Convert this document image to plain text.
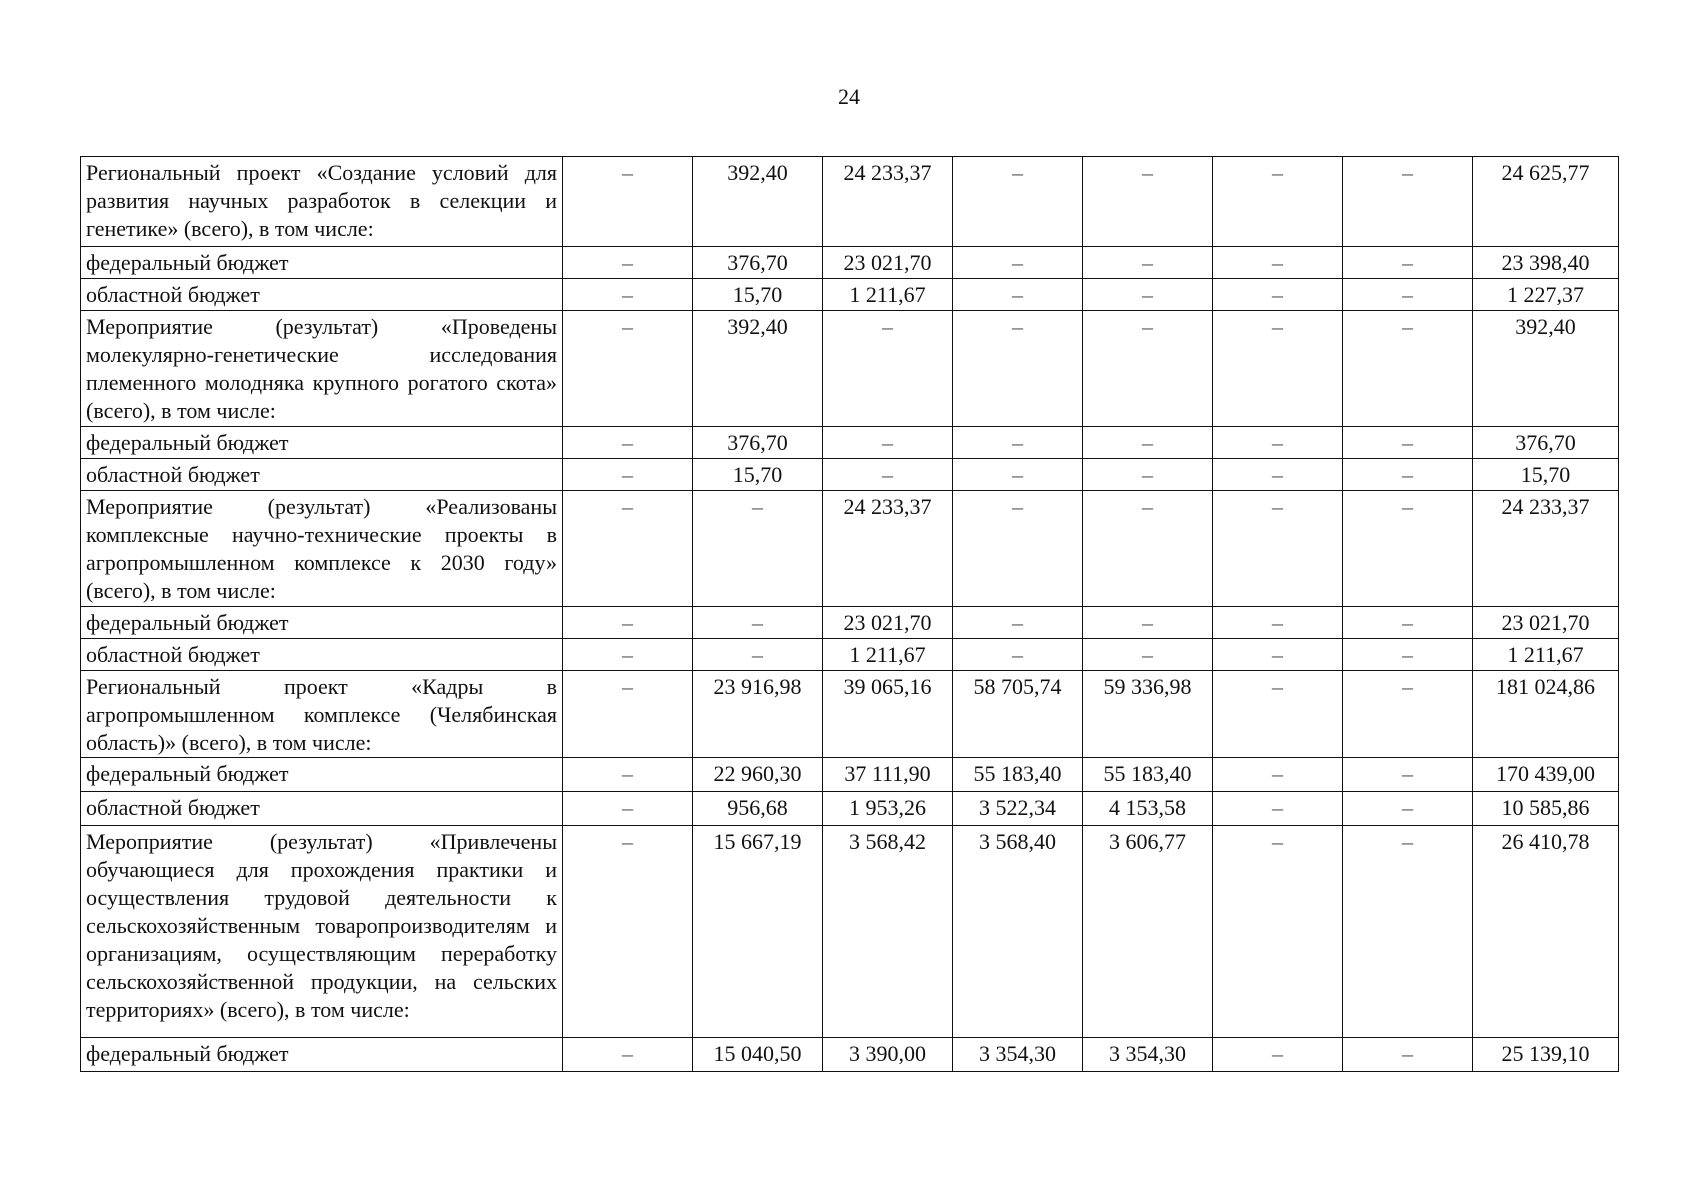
24
Региональный проект «Создание условий для развития научных разработок в селекции и генетике» (всего), в том числе:	–	392,40	24 233,37	–	–	–	–	24 625,77
федеральный бюджет	–	376,70	23 021,70	–	–	–	–	23 398,40
областной бюджет	–	15,70	1 211,67	–	–	–	–	1 227,37
Мероприятие (результат) «Проведены молекулярно-генетические исследования племенного молодняка крупного рогатого скота» (всего), в том числе:	–	392,40	–	–	–	–	–	392,40
федеральный бюджет	–	376,70	–	–	–	–	–	376,70
областной бюджет	–	15,70	–	–	–	–	–	15,70
Мероприятие (результат) «Реализованы комплексные научно-технические проекты в агропромышленном комплексе к 2030 году» (всего), в том числе:	–	–	24 233,37	–	–	–	–	24 233,37
федеральный бюджет	–	–	23 021,70	–	–	–	–	23 021,70
областной бюджет	–	–	1 211,67	–	–	–	–	1 211,67
Региональный проект «Кадры в агропромышленном комплексе (Челябинская область)» (всего), в том числе:	–	23 916,98	39 065,16	58 705,74	59 336,98	–	–	181 024,86
федеральный бюджет	–	22 960,30	37 111,90	55 183,40	55 183,40	–	–	170 439,00
областной бюджет	–	956,68	1 953,26	3 522,34	4 153,58	–	–	10 585,86
Мероприятие (результат) «Привлечены обучающиеся для прохождения практики и осуществления трудовой деятельности к сельскохозяйственным товаропроизводителям и организациям, осуществляющим переработку сельскохозяйственной продукции, на сельских территориях» (всего), в том числе:	–	15 667,19	3 568,42	3 568,40	3 606,77	–	–	26 410,78
федеральный бюджет	–	15 040,50	3 390,00	3 354,30	3 354,30	–	–	25 139,10
